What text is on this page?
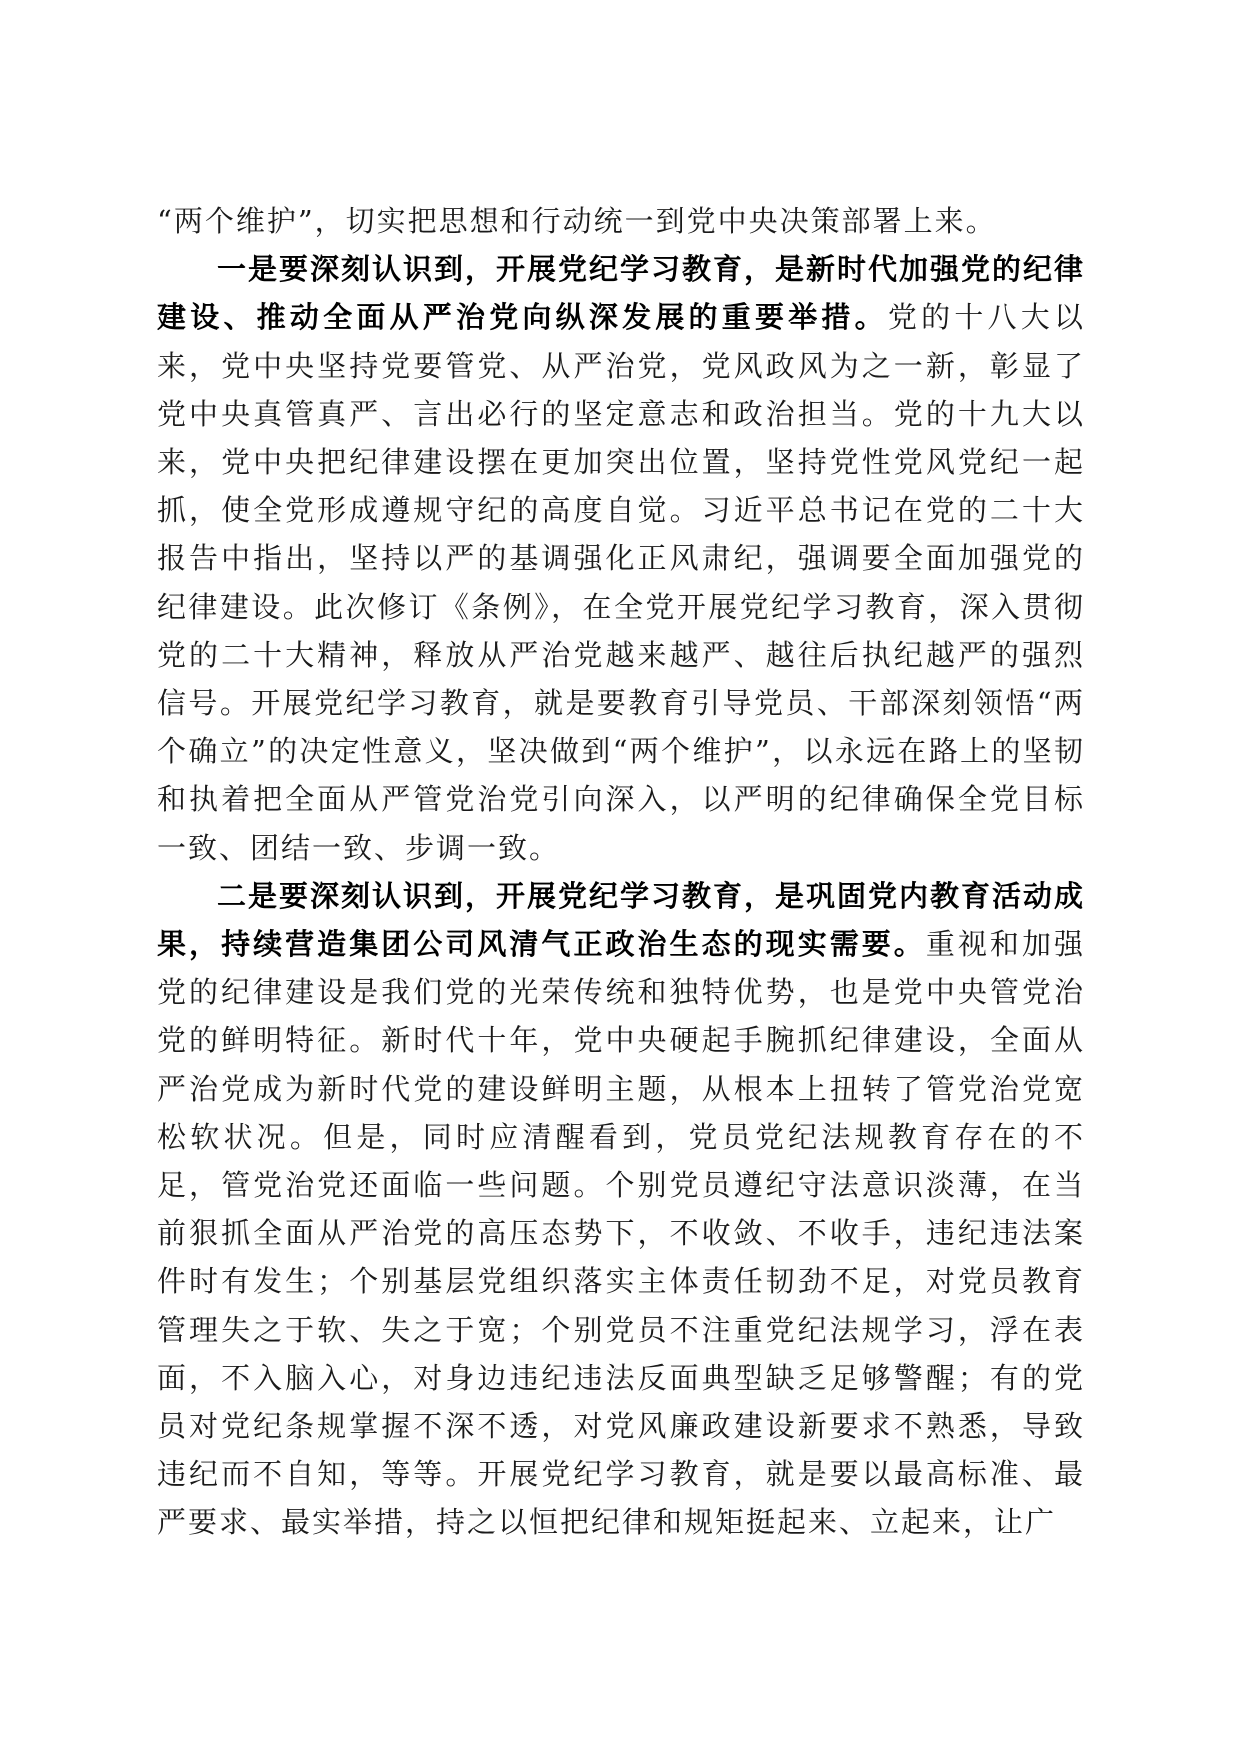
“两个维护”，切实把思想和行动统一到党中央决策部署上来。

一是要深刻认识到，开展党纪学习教育，是新时代加强党的纪律建设、推动全面从严治党向纵深发展的重要举措。党的十八大以来，党中央坚持党要管党、从严治党，党风政风为之一新，彰显了党中央真管真严、言出必行的坚定意志和政治担当。党的十九大以来，党中央把纪律建设摆在更加突出位置，坚持党性党风党纪一起抓，使全党形成遵规守纪的高度自觉。习近平总书记在党的二十大报告中指出，坚持以严的基调强化正风肃纪，强调要全面加强党的纪律建设。此次修订《条例》，在全党开展党纪学习教育，深入贯彻党的二十大精神，释放从严治党越来越严、越往后执纪越严的强烈信号。开展党纪学习教育，就是要教育引导党员、干部深刻领悟“两个确立”的决定性意义，坚决做到“两个维护”，以永远在路上的坚韧和执着把全面从严管党治党引向深入，以严明的纪律确保全党目标一致、团结一致、步调一致。

二是要深刻认识到，开展党纪学习教育，是巩固党内教育活动成果，持续营造集团公司风清气正政治生态的现实需要。重视和加强党的纪律建设是我们党的光荣传统和独特优势，也是党中央管党治党的鲜明特征。新时代十年，党中央硬起手腕抓纪律建设，全面从严治党成为新时代党的建设鲜明主题，从根本上扭转了管党治党宽松软状况。但是，同时应清醒看到，党员党纪法规教育存在的不足，管党治党还面临一些问题。个别党员遵纪守法意识淡薄，在当前狠抓全面从严治党的高压态势下，不收敛、不收手，违纪违法案件时有发生；个别基层党组织落实主体责任韧劲不足，对党员教育管理失之于软、失之于宽；个别党员不注重党纪法规学习，浮在表面，不入脑入心，对身边违纪违法反面典型缺乏足够警醒；有的党员对党纪条规掌握不深不透，对党风廉政建设新要求不熟悉，导致违纪而不自知，等等。开展党纪学习教育，就是要以最高标准、最严要求、最实举措，持之以恒把纪律和规矩挺起来、立起来，让广
